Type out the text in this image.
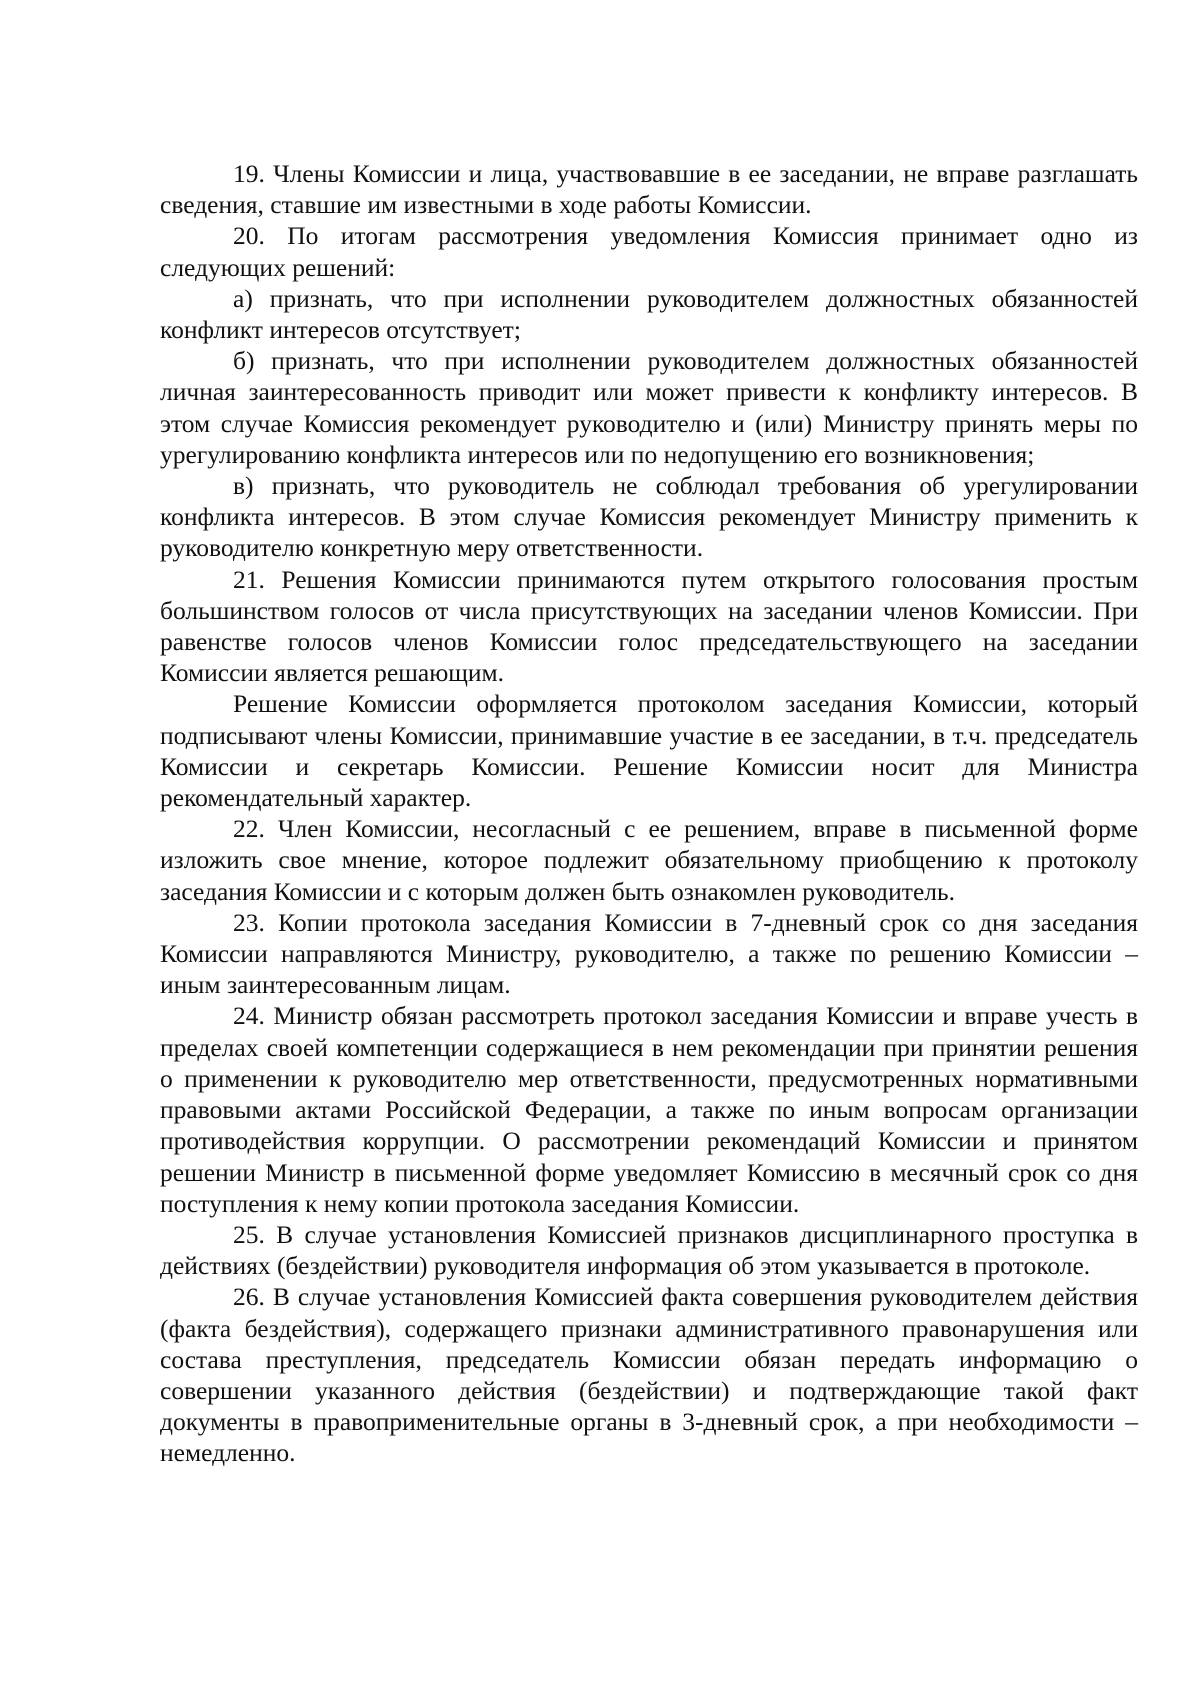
19. Члены Комиссии и лица, участвовавшие в ее заседании, не вправе разглашать сведения, ставшие им известными в ходе работы Комиссии.

20. По итогам рассмотрения уведомления Комиссия принимает одно из следующих решений:

а) признать, что при исполнении руководителем должностных обязанностей конфликт интересов отсутствует;

б) признать, что при исполнении руководителем должностных обязанностей личная заинтересованность приводит или может привести к конфликту интересов. В этом случае Комиссия рекомендует руководителю и (или) Министру принять меры по урегулированию конфликта интересов или по недопущению его возникновения;

в) признать, что руководитель не соблюдал требования об урегулировании конфликта интересов. В этом случае Комиссия рекомендует Министру применить к руководителю конкретную меру ответственности.

21. Решения Комиссии принимаются путем открытого голосования простым большинством голосов от числа присутствующих на заседании членов Комиссии. При равенстве голосов членов Комиссии голос председательствующего на заседании Комиссии является решающим.

Решение Комиссии оформляется протоколом заседания Комиссии, который подписывают члены Комиссии, принимавшие участие в ее заседании, в т.ч. председатель Комиссии и секретарь Комиссии. Решение Комиссии носит для Министра рекомендательный характер.

22. Член Комиссии, несогласный с ее решением, вправе в письменной форме изложить свое мнение, которое подлежит обязательному приобщению к протоколу заседания Комиссии и с которым должен быть ознакомлен руководитель.

23. Копии протокола заседания Комиссии в 7-дневный срок со дня заседания Комиссии направляются Министру, руководителю, а также по решению Комиссии – иным заинтересованным лицам.

24. Министр обязан рассмотреть протокол заседания Комиссии и вправе учесть в пределах своей компетенции содержащиеся в нем рекомендации при принятии решения о применении к руководителю мер ответственности, предусмотренных нормативными правовыми актами Российской Федерации, а также по иным вопросам организации противодействия коррупции. О рассмотрении рекомендаций Комиссии и принятом решении Министр в письменной форме уведомляет Комиссию в месячный срок со дня поступления к нему копии протокола заседания Комиссии.

25. В случае установления Комиссией признаков дисциплинарного проступка в действиях (бездействии) руководителя информация об этом указывается в протоколе.

26. В случае установления Комиссией факта совершения руководителем действия (факта бездействия), содержащего признаки административного правонарушения или состава преступления, председатель Комиссии обязан передать информацию о совершении указанного действия (бездействии) и подтверждающие такой факт документы в правоприменительные органы в 3-дневный срок, а при необходимости – немедленно.
